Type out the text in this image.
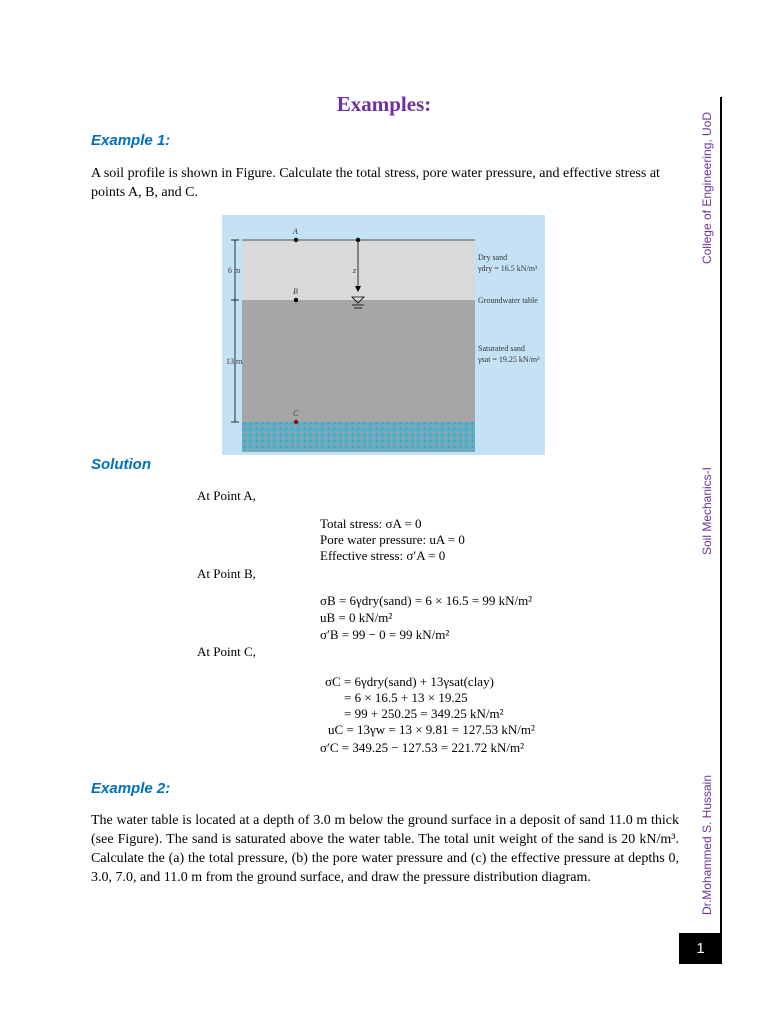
Examples:
Example 1:
A soil profile is shown in Figure. Calculate the total stress, pore water pressure, and effective stress at points A, B, and C.
6 m
13 m
A
B
C
z
Dry sand
γdry = 16.5 kN/m³
Groundwater table
Saturated sand
γsat = 19.25 kN/m³
Solution
At Point A,
Total stress: σA = 0
Pore water pressure: uA = 0
Effective stress: σ′A = 0
At Point B,
σB = 6γdry(sand) = 6 × 16.5 = 99 kN/m²
uB = 0 kN/m²
σ′B = 99 − 0 = 99 kN/m²
At Point C,
σC = 6γdry(sand) + 13γsat(clay)
= 6 × 16.5 + 13 × 19.25
= 99 + 250.25 = 349.25 kN/m²
uC = 13γw = 13 × 9.81 = 127.53 kN/m²
σ′C = 349.25 − 127.53 = 221.72 kN/m²
Example 2:
The water table is located at a depth of 3.0 m below the ground surface in a deposit of sand 11.0 m thick (see Figure). The sand is saturated above the water table. The total unit weight of the sand is 20 kN/m³. Calculate the (a) the total pressure, (b) the pore water pressure and (c) the effective pressure at depths 0, 3.0, 7.0, and 11.0 m from the ground surface, and draw the pressure distribution diagram.
College of Engineering, UoD
Soil Mechanics-I
Dr.Mohammed S. Hussain
1
